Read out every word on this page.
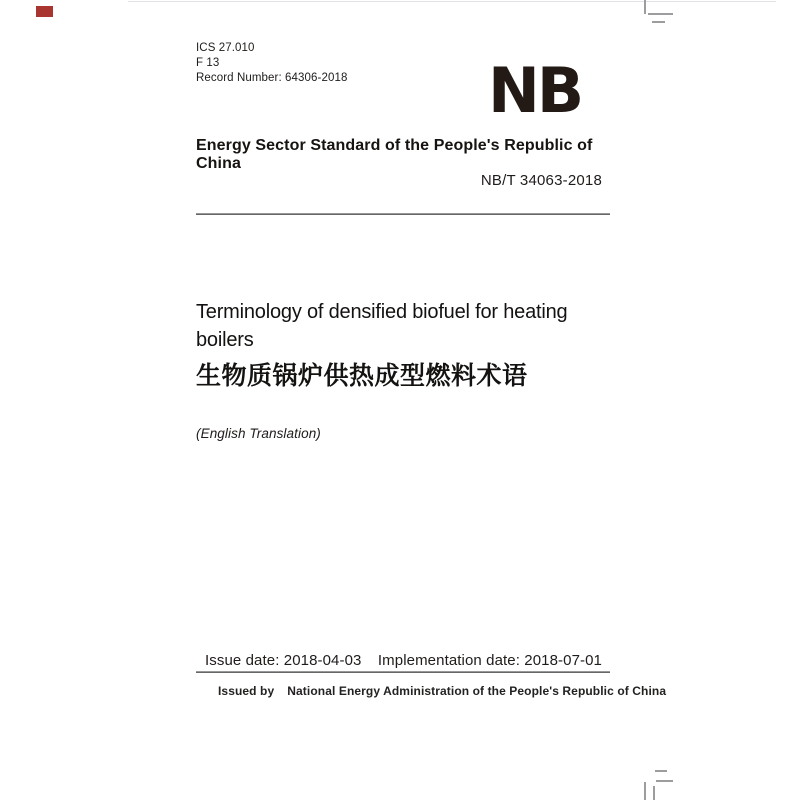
ICS 27.010
F 13
Record Number: 64306-2018 NB
Energy Sector Standard of the People's Republic of China
NB/T 34063-2018
Terminology of densified biofuel for heating boilers
生物质锅炉供热成型燃料术语
(English Translation)
Issue date: 2018-04-03 Implementation date: 2018-07-01
Issued by National Energy Administration of the People's Republic of China
